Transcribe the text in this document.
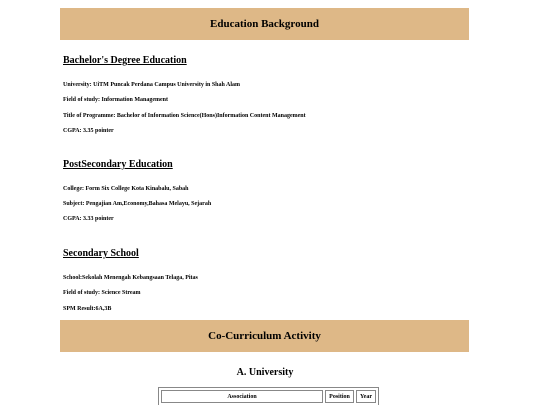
Education Background
Bachelor's Degree Education
University: UiTM Puncak Perdana Campus University in Shah Alam
Field of study: Information Management
Title of Programme: Bachelor of Information Science(Hons)Information Content Management
CGPA: 3.35 pointer
PostSecondary Education
College: Form Six College Kota Kinabalu, Sabah
Subject: Pengajian Am,Economy,Bahasa Melayu, Sejarah
CGPA: 3.33 pointer
Secondary School
School:Sekolah Menengah Kebangsaan Telaga, Pitas
Field of study: Science Stream
SPM Result:6A,3B
Co-Curriculum Activity
A. University
Association	Position	Year
